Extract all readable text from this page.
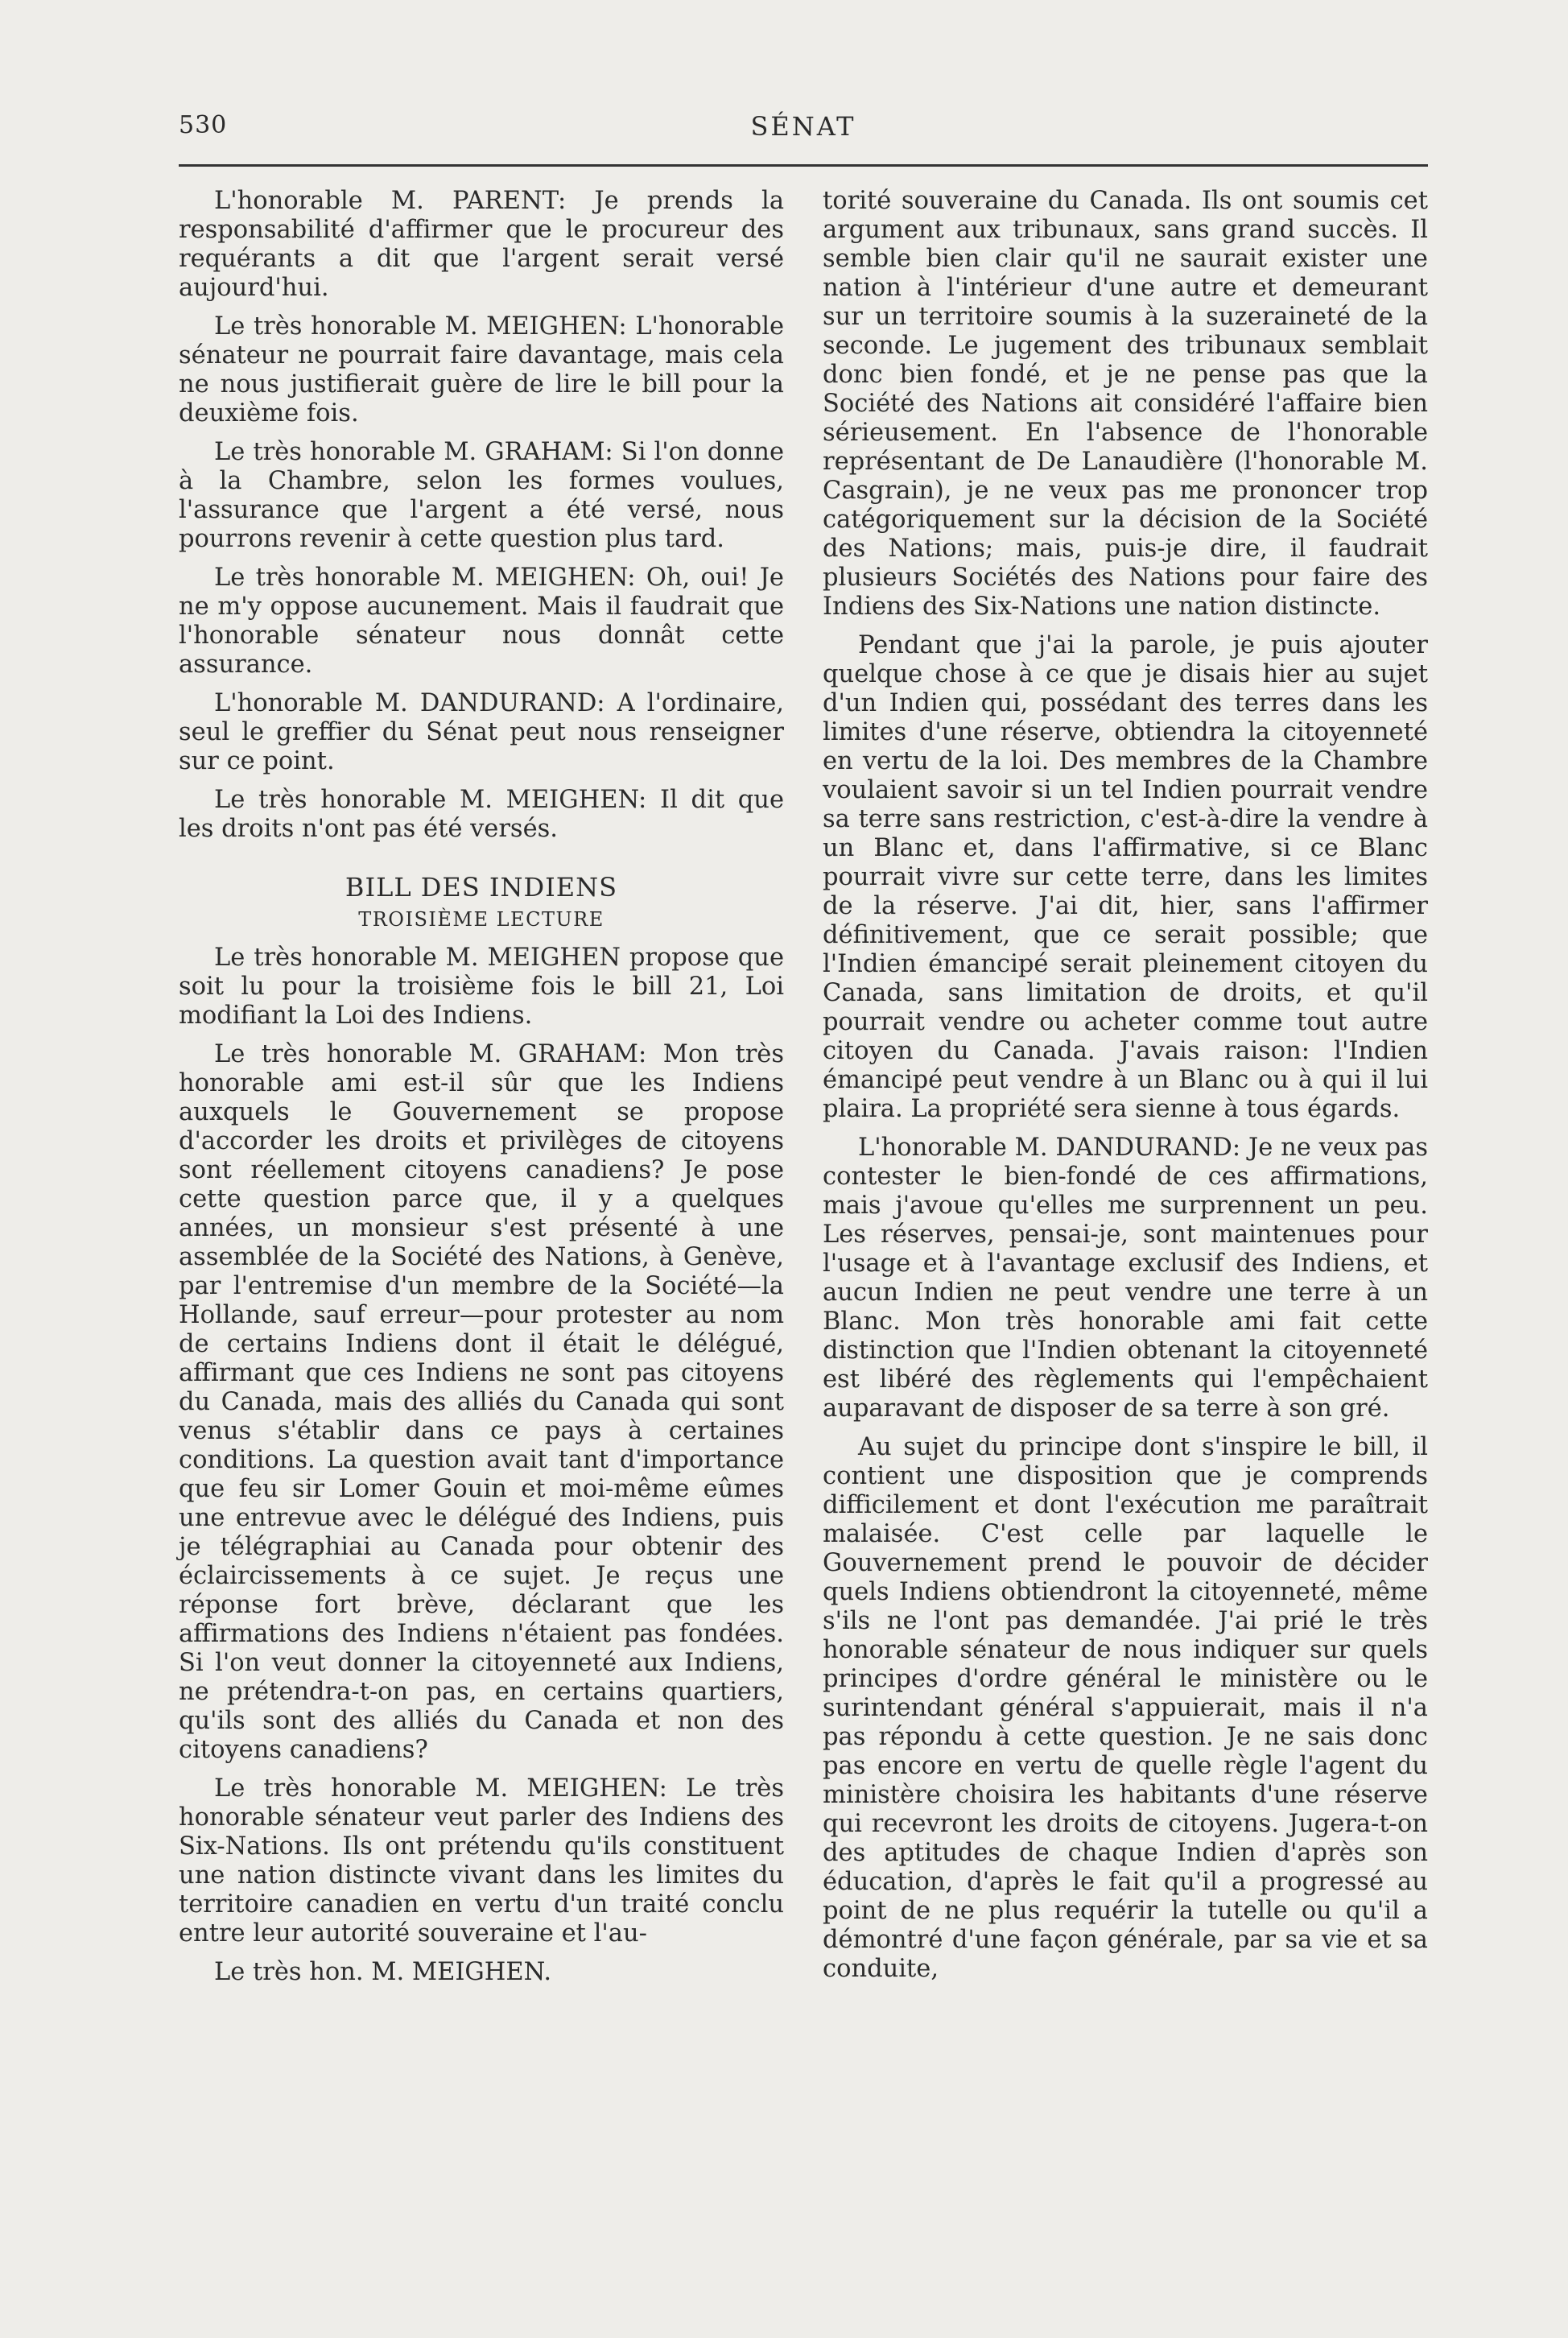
530	SÉNAT

L'honorable M. PARENT: Je prends la responsabilité d'affirmer que le procureur des requérants a dit que l'argent serait versé aujourd'hui.

Le très honorable M. MEIGHEN: L'honorable sénateur ne pourrait faire davantage, mais cela ne nous justifierait guère de lire le bill pour la deuxième fois.

Le très honorable M. GRAHAM: Si l'on donne à la Chambre, selon les formes voulues, l'assurance que l'argent a été versé, nous pourrons revenir à cette question plus tard.

Le très honorable M. MEIGHEN: Oh, oui! Je ne m'y oppose aucunement. Mais il faudrait que l'honorable sénateur nous donnât cette assurance.

L'honorable M. DANDURAND: A l'ordinaire, seul le greffier du Sénat peut nous renseigner sur ce point.

Le très honorable M. MEIGHEN: Il dit que les droits n'ont pas été versés.

BILL DES INDIENS
TROISIÈME LECTURE

Le très honorable M. MEIGHEN propose que soit lu pour la troisième fois le bill 21, Loi modifiant la Loi des Indiens.

Le très honorable M. GRAHAM: Mon très honorable ami est-il sûr que les Indiens auxquels le Gouvernement se propose d'accorder les droits et privilèges de citoyens sont réellement citoyens canadiens? Je pose cette question parce que, il y a quelques années, un monsieur s'est présenté à une assemblée de la Société des Nations, à Genève, par l'entremise d'un membre de la Société—la Hollande, sauf erreur—pour protester au nom de certains Indiens dont il était le délégué, affirmant que ces Indiens ne sont pas citoyens du Canada, mais des alliés du Canada qui sont venus s'établir dans ce pays à certaines conditions. La question avait tant d'importance que feu sir Lomer Gouin et moi-même eûmes une entrevue avec le délégué des Indiens, puis je télégraphiai au Canada pour obtenir des éclaircissements à ce sujet. Je reçus une réponse fort brève, déclarant que les affirmations des Indiens n'étaient pas fondées. Si l'on veut donner la citoyenneté aux Indiens, ne prétendra-t-on pas, en certains quartiers, qu'ils sont des alliés du Canada et non des citoyens canadiens?

Le très honorable M. MEIGHEN: Le très honorable sénateur veut parler des Indiens des Six-Nations. Ils ont prétendu qu'ils constituent une nation distincte vivant dans les limites du territoire canadien en vertu d'un traité conclu entre leur autorité souveraine et l'au-

Le très hon. M. MEIGHEN.

torité souveraine du Canada. Ils ont soumis cet argument aux tribunaux, sans grand succès. Il semble bien clair qu'il ne saurait exister une nation à l'intérieur d'une autre et demeurant sur un territoire soumis à la suzeraineté de la seconde. Le jugement des tribunaux semblait donc bien fondé, et je ne pense pas que la Société des Nations ait considéré l'affaire bien sérieusement. En l'absence de l'honorable représentant de De Lanaudière (l'honorable M. Casgrain), je ne veux pas me prononcer trop catégoriquement sur la décision de la Société des Nations; mais, puis-je dire, il faudrait plusieurs Sociétés des Nations pour faire des Indiens des Six-Nations une nation distincte.

Pendant que j'ai la parole, je puis ajouter quelque chose à ce que je disais hier au sujet d'un Indien qui, possédant des terres dans les limites d'une réserve, obtiendra la citoyenneté en vertu de la loi. Des membres de la Chambre voulaient savoir si un tel Indien pourrait vendre sa terre sans restriction, c'est-à-dire la vendre à un Blanc et, dans l'affirmative, si ce Blanc pourrait vivre sur cette terre, dans les limites de la réserve. J'ai dit, hier, sans l'affirmer définitivement, que ce serait possible; que l'Indien émancipé serait pleinement citoyen du Canada, sans limitation de droits, et qu'il pourrait vendre ou acheter comme tout autre citoyen du Canada. J'avais raison: l'Indien émancipé peut vendre à un Blanc ou à qui il lui plaira. La propriété sera sienne à tous égards.

L'honorable M. DANDURAND: Je ne veux pas contester le bien-fondé de ces affirmations, mais j'avoue qu'elles me surprennent un peu. Les réserves, pensai-je, sont maintenues pour l'usage et à l'avantage exclusif des Indiens, et aucun Indien ne peut vendre une terre à un Blanc. Mon très honorable ami fait cette distinction que l'Indien obtenant la citoyenneté est libéré des règlements qui l'empêchaient auparavant de disposer de sa terre à son gré.

Au sujet du principe dont s'inspire le bill, il contient une disposition que je comprends difficilement et dont l'exécution me paraîtrait malaisée. C'est celle par laquelle le Gouvernement prend le pouvoir de décider quels Indiens obtiendront la citoyenneté, même s'ils ne l'ont pas demandée. J'ai prié le très honorable sénateur de nous indiquer sur quels principes d'ordre général le ministère ou le surintendant général s'appuierait, mais il n'a pas répondu à cette question. Je ne sais donc pas encore en vertu de quelle règle l'agent du ministère choisira les habitants d'une réserve qui recevront les droits de citoyens. Jugera-t-on des aptitudes de chaque Indien d'après son éducation, d'après le fait qu'il a progressé au point de ne plus requérir la tutelle ou qu'il a démontré d'une façon générale, par sa vie et sa conduite,
